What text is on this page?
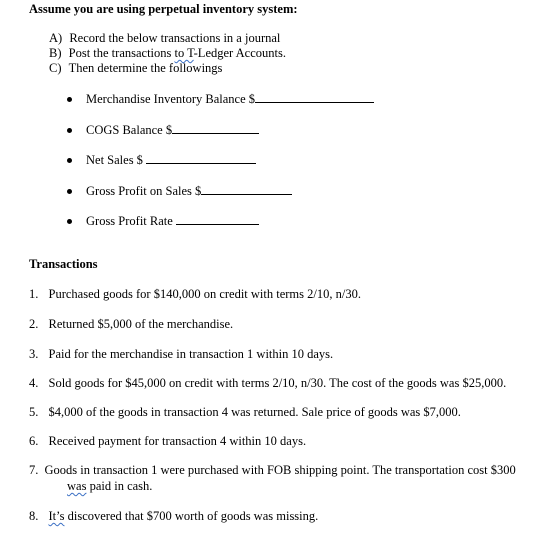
Assume you are using perpetual inventory system:
A) Record the below transactions in a journal
B) Post the transactions to T-Ledger Accounts.
C) Then determine the followings
Merchandise Inventory Balance $
COGS Balance $
Net Sales $
Gross Profit on Sales $
Gross Profit Rate
Transactions
1. Purchased goods for $140,000 on credit with terms 2/10, n/30.
2. Returned $5,000 of the merchandise.
3. Paid for the merchandise in transaction 1 within 10 days.
4. Sold goods for $45,000 on credit with terms 2/10, n/30. The cost of the goods was $25,000.
5. $4,000 of the goods in transaction 4 was returned. Sale price of goods was $7,000.
6. Received payment for transaction 4 within 10 days.
7. Goods in transaction 1 were purchased with FOB shipping point. The transportation cost $300
was paid in cash.
8. It’s discovered that $700 worth of goods was missing.
